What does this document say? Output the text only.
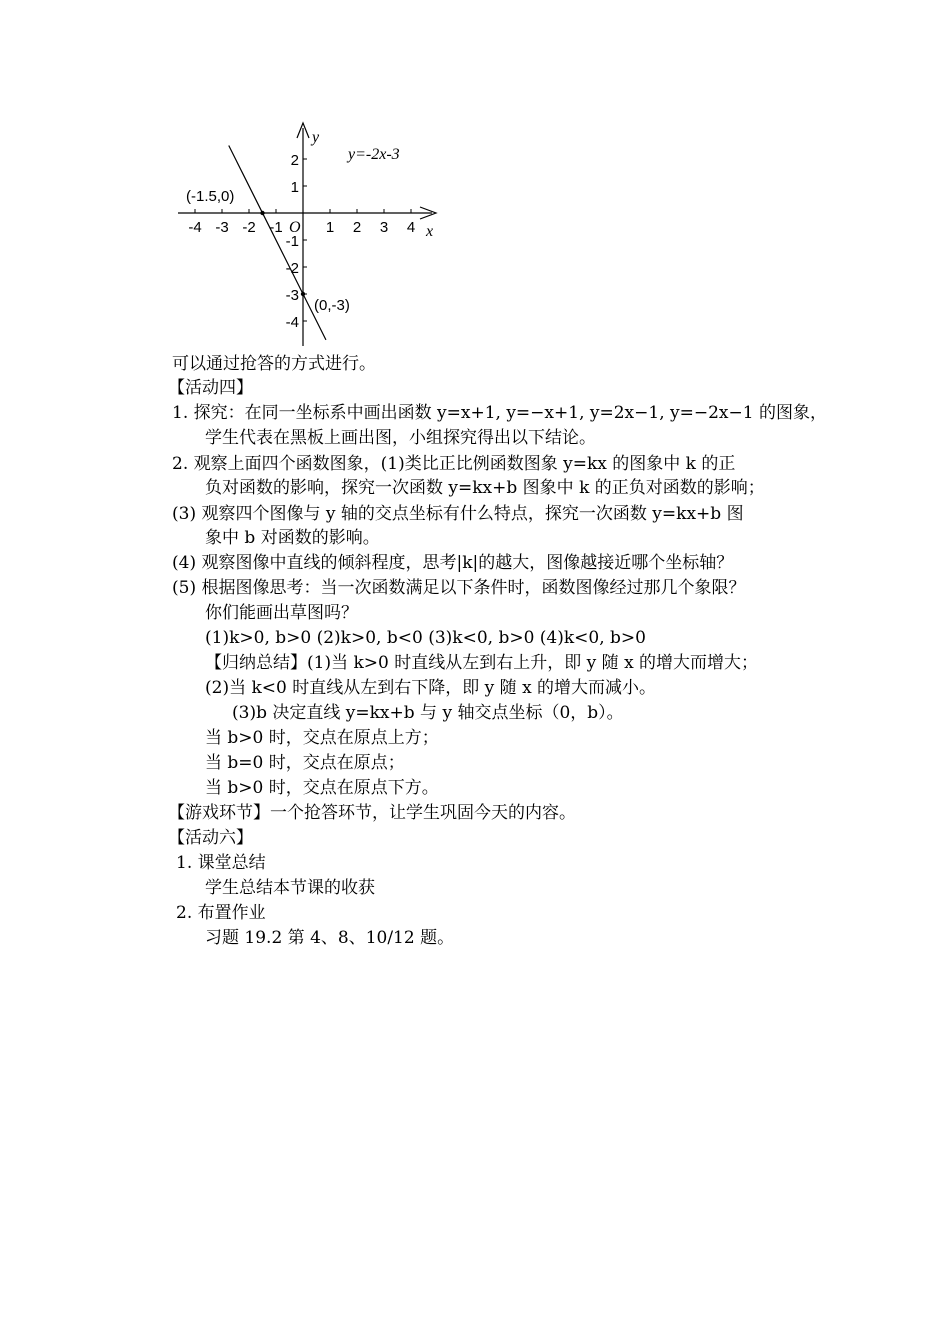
x
y
O
y=-2x-3
(-1.5,0)
(0,-3)
-4 -3 -2 -1	1 2 3 4
2
1
-1
-2
-3
-4
可以通过抢答的方式进行。
【活动四】
1. 探究：在同一坐标系中画出函数 y=x+1, y=−x+1, y=2x−1, y=−2x−1 的图象，
学生代表在黑板上画出图，小组探究得出以下结论。
2. 观察上面四个函数图象，(1)类比正比例函数图象 y=kx 的图象中 k 的正
负对函数的影响，探究一次函数 y=kx+b 图象中 k 的正负对函数的影响；
(3) 观察四个图像与 y 轴的交点坐标有什么特点，探究一次函数 y=kx+b 图
象中 b 对函数的影响。
(4) 观察图像中直线的倾斜程度，思考|k|的越大，图像越接近哪个坐标轴？
(5) 根据图像思考：当一次函数满足以下条件时，函数图像经过那几个象限？
你们能画出草图吗？
(1)k>0, b>0 (2)k>0, b<0 (3)k<0, b>0 (4)k<0, b>0
【归纳总结】(1)当 k>0 时直线从左到右上升，即 y 随 x 的增大而增大；
(2)当 k<0 时直线从左到右下降，即 y 随 x 的增大而减小。
(3)b 决定直线 y=kx+b 与 y 轴交点坐标（0，b）。
当 b>0 时，交点在原点上方；
当 b=0 时，交点在原点；
当 b>0 时，交点在原点下方。
【游戏环节】一个抢答环节，让学生巩固今天的内容。
【活动六】
1. 课堂总结
学生总结本节课的收获
2. 布置作业
习题 19.2 第 4、8、10/12 题。
